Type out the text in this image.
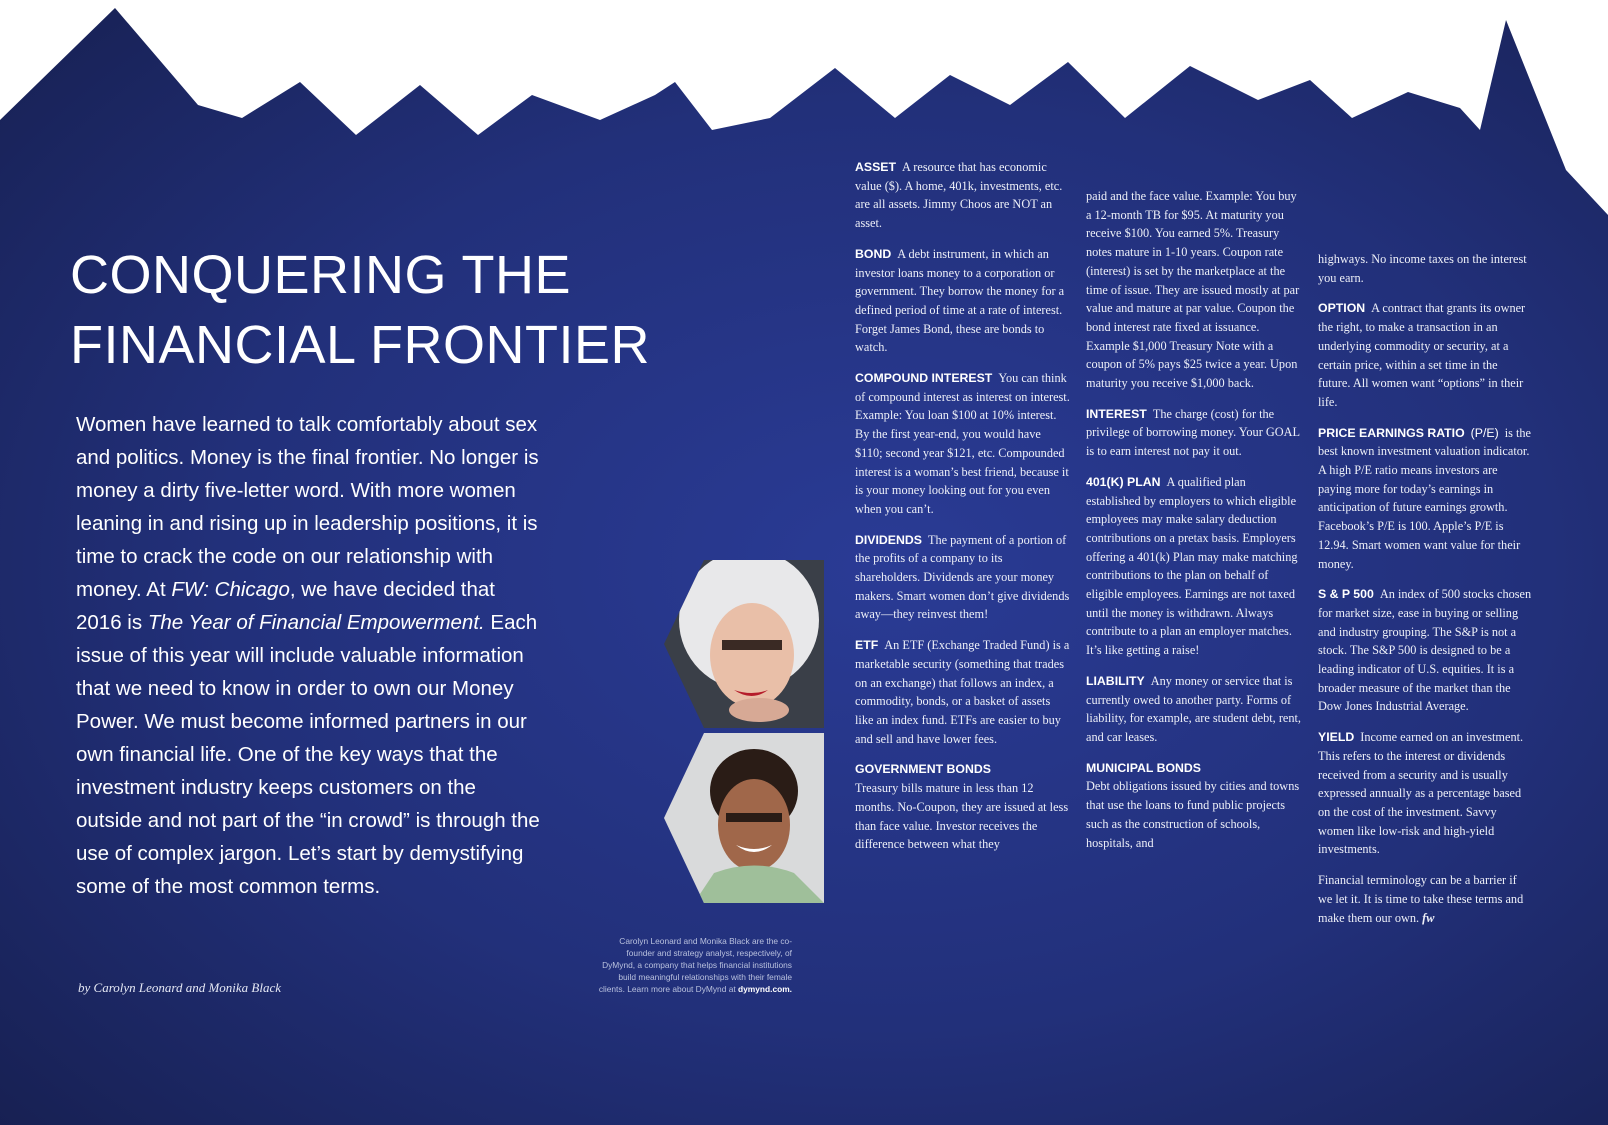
CONQUERING THE
FINANCIAL FRONTIER
Women have learned to talk comfortably about sex and politics. Money is the final frontier. No longer is money a dirty five-letter word. With more women leaning in and rising up in leadership positions, it is time to crack the code on our relationship with money. At FW: Chicago, we have decided that 2016 is The Year of Financial Empowerment. Each issue of this year will include valuable information that we need to know in order to own our Money Power. We must become informed partners in our own financial life. One of the key ways that the investment industry keeps customers on the outside and not part of the “in crowd” is through the use of complex jargon. Let’s start by demystifying some of the most common terms.

by Carolyn Leonard and Monika Black

Carolyn Leonard and Monika Black are the co-founder and strategy analyst, respectively, of DyMynd, a company that helps financial institutions build meaningful relationships with their female clients. Learn more about DyMynd at dymynd.com.

ASSET A resource that has economic value ($). A home, 401k, investments, etc. are all assets. Jimmy Choos are NOT an asset.
BOND A debt instrument, in which an investor loans money to a corporation or government. They borrow the money for a defined period of time at a rate of interest. Forget James Bond, these are bonds to watch.
COMPOUND INTEREST You can think of compound interest as interest on interest. Example: You loan $100 at 10% interest. By the first year-end, you would have $110; second year $121, etc. Compounded interest is a woman’s best friend, because it is your money looking out for you even when you can’t.
DIVIDENDS The payment of a portion of the profits of a company to its shareholders. Dividends are your money makers. Smart women don’t give dividends away—they reinvest them!
ETF An ETF (Exchange Traded Fund) is a marketable security (something that trades on an exchange) that follows an index, a commodity, bonds, or a basket of assets like an index fund. ETFs are easier to buy and sell and have lower fees.
GOVERNMENT BONDS
Treasury bills mature in less than 12 months. No-Coupon, they are issued at less than face value. Investor receives the difference between what they
paid and the face value. Example: You buy a 12-month TB for $95. At maturity you receive $100. You earned 5%. Treasury notes mature in 1-10 years. Coupon rate (interest) is set by the marketplace at the time of issue. They are issued mostly at par value and mature at par value. Coupon the bond interest rate fixed at issuance. Example $1,000 Treasury Note with a coupon of 5% pays $25 twice a year. Upon maturity you receive $1,000 back.
INTEREST The charge (cost) for the privilege of borrowing money. Your GOAL is to earn interest not pay it out.
401(K) PLAN A qualified plan established by employers to which eligible employees may make salary deduction contributions on a pretax basis. Employers offering a 401(k) Plan may make matching contributions to the plan on behalf of eligible employees. Earnings are not taxed until the money is withdrawn. Always contribute to a plan an employer matches. It’s like getting a raise!
LIABILITY Any money or service that is currently owed to another party. Forms of liability, for example, are student debt, rent, and car leases.
MUNICIPAL BONDS
Debt obligations issued by cities and towns that use the loans to fund public projects such as the construction of schools, hospitals, and
highways. No income taxes on the interest you earn.
OPTION A contract that grants its owner the right, to make a transaction in an underlying commodity or security, at a certain price, within a set time in the future. All women want “options” in their life.
PRICE EARNINGS RATIO (P/E) is the best known investment valuation indicator. A high P/E ratio means investors are paying more for today’s earnings in anticipation of future earnings growth. Facebook’s P/E is 100. Apple’s P/E is 12.94. Smart women want value for their money.
S & P 500 An index of 500 stocks chosen for market size, ease in buying or selling and industry grouping. The S&P is not a stock. The S&P 500 is designed to be a leading indicator of U.S. equities. It is a broader measure of the market than the Dow Jones Industrial Average.
YIELD Income earned on an investment. This refers to the interest or dividends received from a security and is usually expressed annually as a percentage based on the cost of the investment. Savvy women like low-risk and high-yield investments.
Financial terminology can be a barrier if we let it. It is time to take these terms and make them our own. fw
